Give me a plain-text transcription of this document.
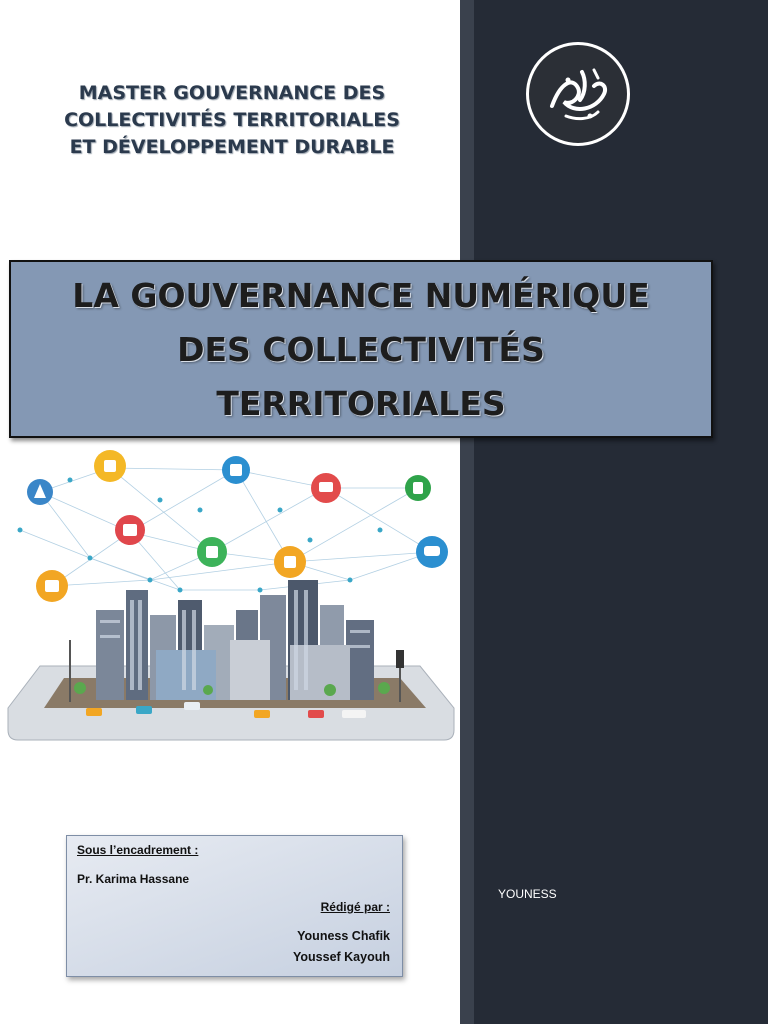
MASTER GOUVERNANCE DES
COLLECTIVITÉS TERRITORIALES
ET DÉVELOPPEMENT DURABLE
LA GOUVERNANCE NUMÉRIQUE
DES COLLECTIVITÉS
TERRITORIALES
Sous l’encadrement :
Pr. Karima Hassane
Rédigé par :
Youness Chafik
Youssef Kayouh
YOUNESS
